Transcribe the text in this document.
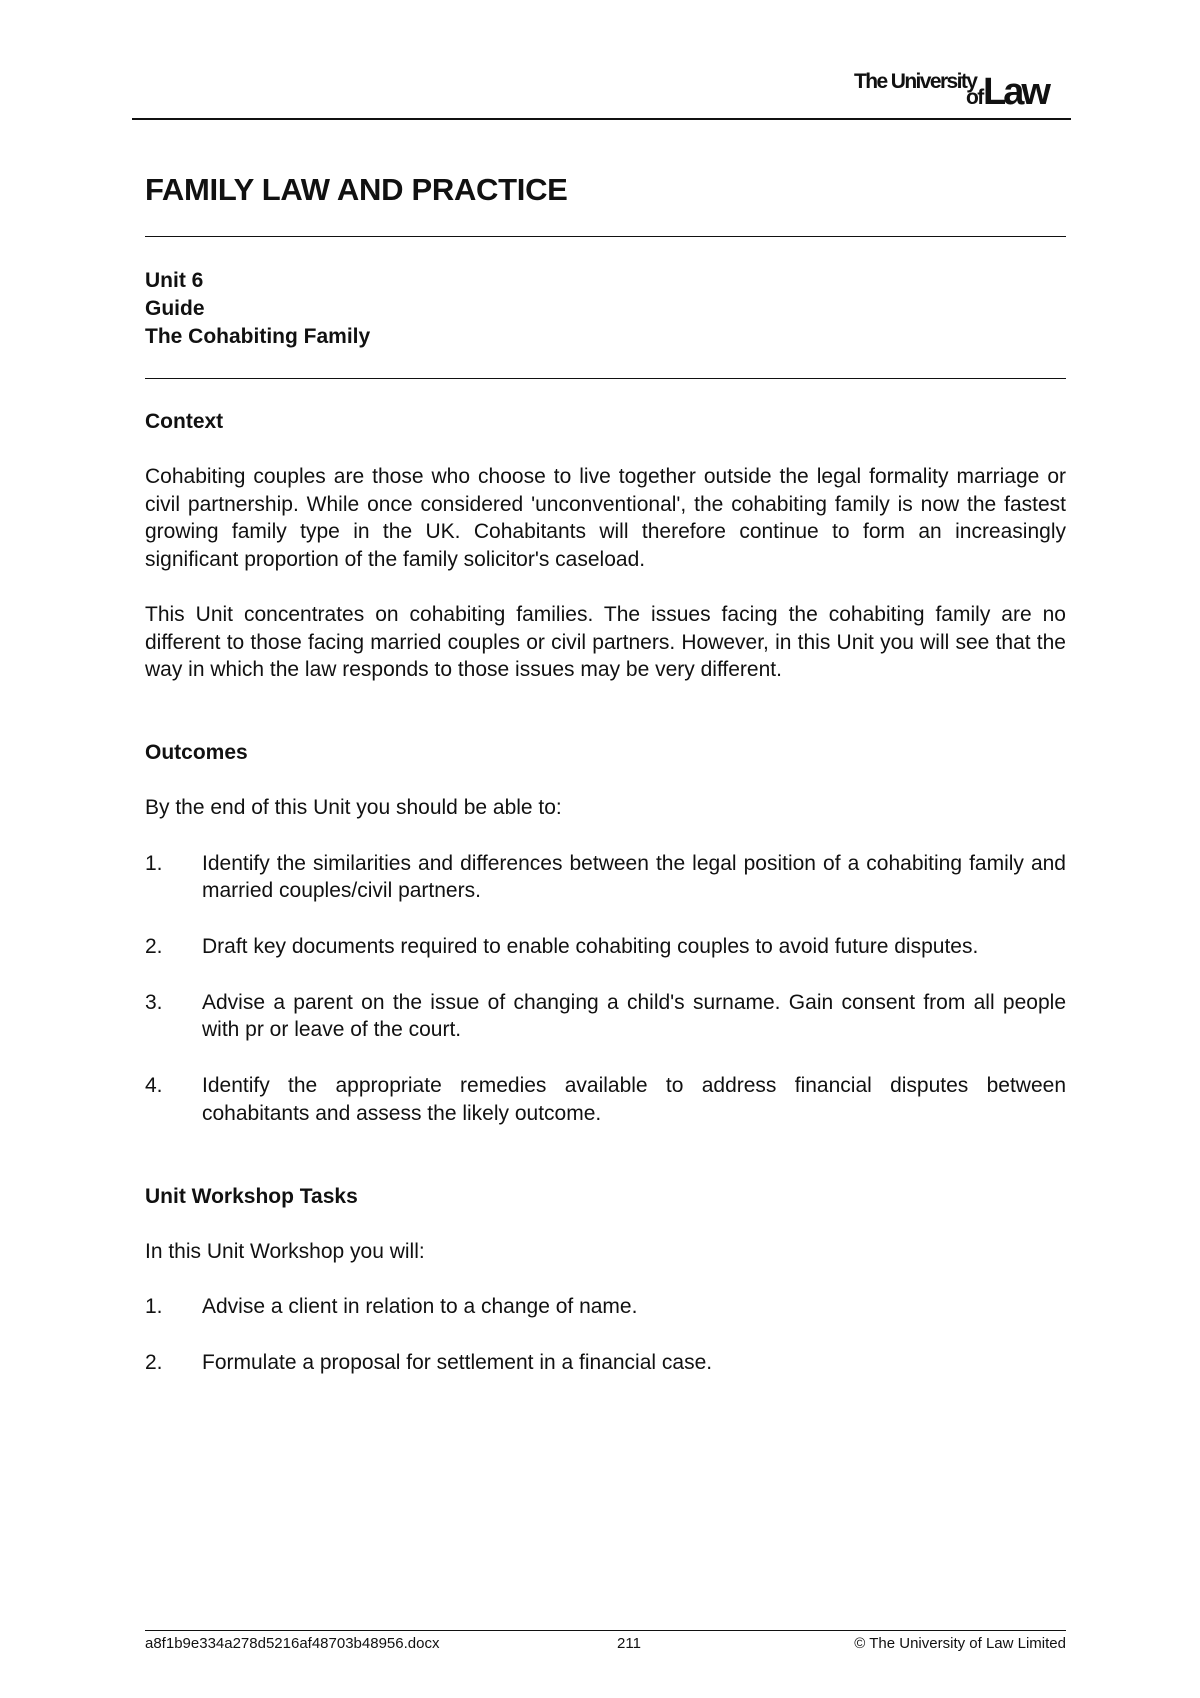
The University
of Law
FAMILY LAW AND PRACTICE
Unit 6
Guide
The Cohabiting Family
Context

Cohabiting couples are those who choose to live together outside the legal formality marriage or civil partnership. While once considered 'unconventional', the cohabiting family is now the fastest growing family type in the UK. Cohabitants will therefore continue to form an increasingly significant proportion of the family solicitor's caseload.

This Unit concentrates on cohabiting families. The issues facing the cohabiting family are no different to those facing married couples or civil partners. However, in this Unit you will see that the way in which the law responds to those issues may be very different.

Outcomes

By the end of this Unit you should be able to:

1. Identify the similarities and differences between the legal position of a cohabiting family and married couples/civil partners.
2. Draft key documents required to enable cohabiting couples to avoid future disputes.
3. Advise a parent on the issue of changing a child's surname. Gain consent from all people with pr or leave of the court.
4. Identify the appropriate remedies available to address financial disputes between cohabitants and assess the likely outcome.
Unit Workshop Tasks

In this Unit Workshop you will:

1. Advise a client in relation to a change of name.
2. Formulate a proposal for settlement in a financial case.
a8f1b9e334a278d5216af48703b48956.docx	211	© The University of Law Limited
